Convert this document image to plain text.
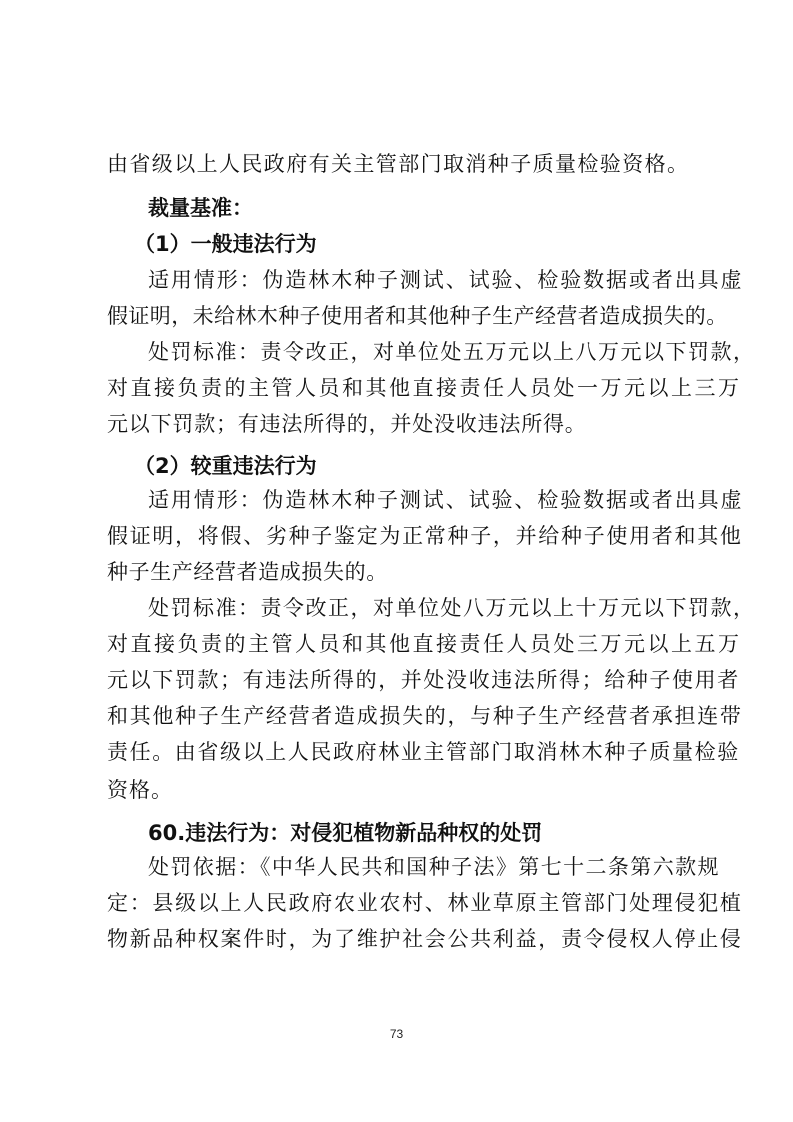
由省级以上人民政府有关主管部门取消种子质量检验资格。
裁量基准：
（1）一般违法行为
适用情形：伪造林木种子测试、试验、检验数据或者出具虚
假证明，未给林木种子使用者和其他种子生产经营者造成损失的。
处罚标准：责令改正，对单位处五万元以上八万元以下罚款，
对直接负责的主管人员和其他直接责任人员处一万元以上三万
元以下罚款；有违法所得的，并处没收违法所得。
（2）较重违法行为
适用情形：伪造林木种子测试、试验、检验数据或者出具虚
假证明，将假、劣种子鉴定为正常种子，并给种子使用者和其他
种子生产经营者造成损失的。
处罚标准：责令改正，对单位处八万元以上十万元以下罚款，
对直接负责的主管人员和其他直接责任人员处三万元以上五万
元以下罚款；有违法所得的，并处没收违法所得；给种子使用者
和其他种子生产经营者造成损失的，与种子生产经营者承担连带
责任。由省级以上人民政府林业主管部门取消林木种子质量检验
资格。
60.违法行为：对侵犯植物新品种权的处罚
处罚依据：《中华人民共和国种子法》第七十二条第六款规
定：县级以上人民政府农业农村、林业草原主管部门处理侵犯植
物新品种权案件时，为了维护社会公共利益，责令侵权人停止侵
73
